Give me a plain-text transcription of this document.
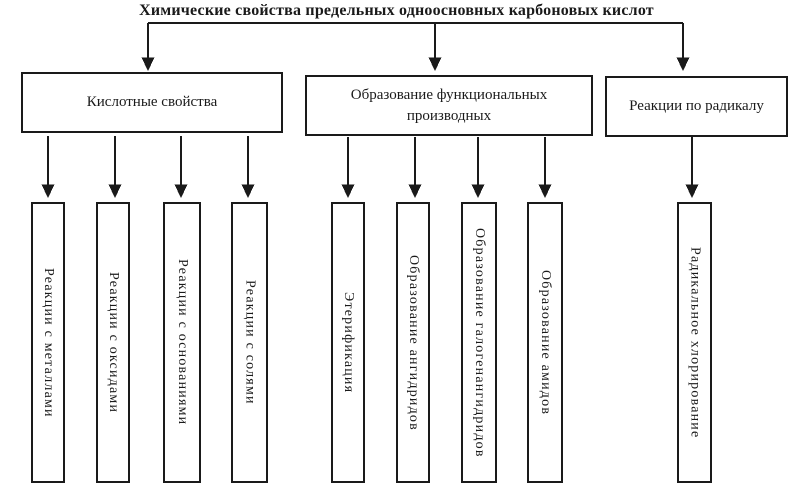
Химические свойства предельных одноосновных карбоновых кислот
Кислотные свойства	Образование функциональных производных
Реакции по радикалу
Реакции с металлами	Реакции с оксидами	Реакции с основаниями	Реакции с солями	Этерификация	Образование ангидридов	Образование галогенангидридов	Образование амидов	Радикальное хлорирование
